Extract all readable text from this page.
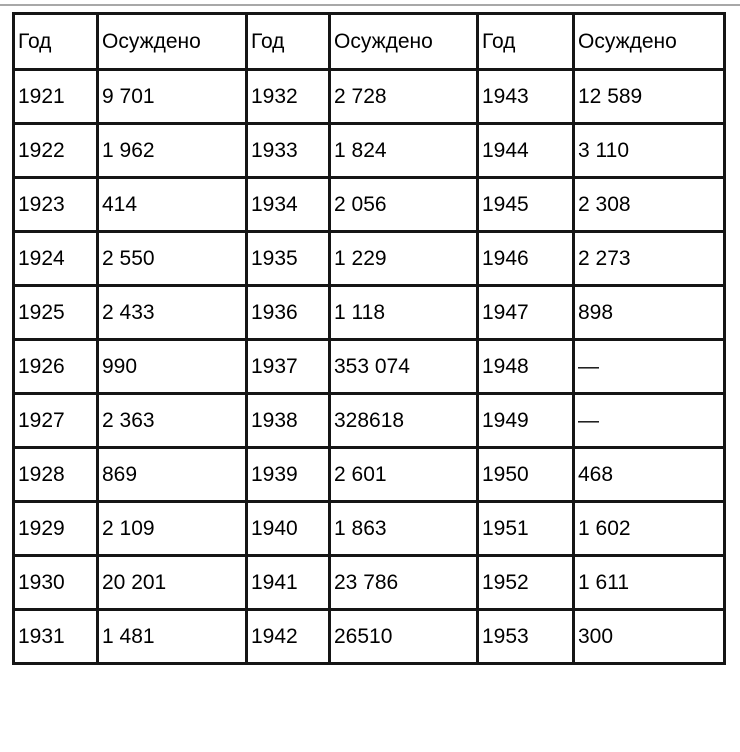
Год	Осуждено	Год	Осуждено	Год	Осуждено
1921	9 701	1932	2 728	1943	12 589
1922	1 962	1933	1 824	1944	3 110
1923	414	1934	2 056	1945	2 308
1924	2 550	1935	1 229	1946	2 273
1925	2 433	1936	1 118	1947	898
1926	990	1937	353 074	1948	—
1927	2 363	1938	328618	1949	—
1928	869	1939	2 601	1950	468
1929	2 109	1940	1 863	1951	1 602
1930	20 201	1941	23 786	1952	1 611
1931	1 481	1942	26510	1953	300
